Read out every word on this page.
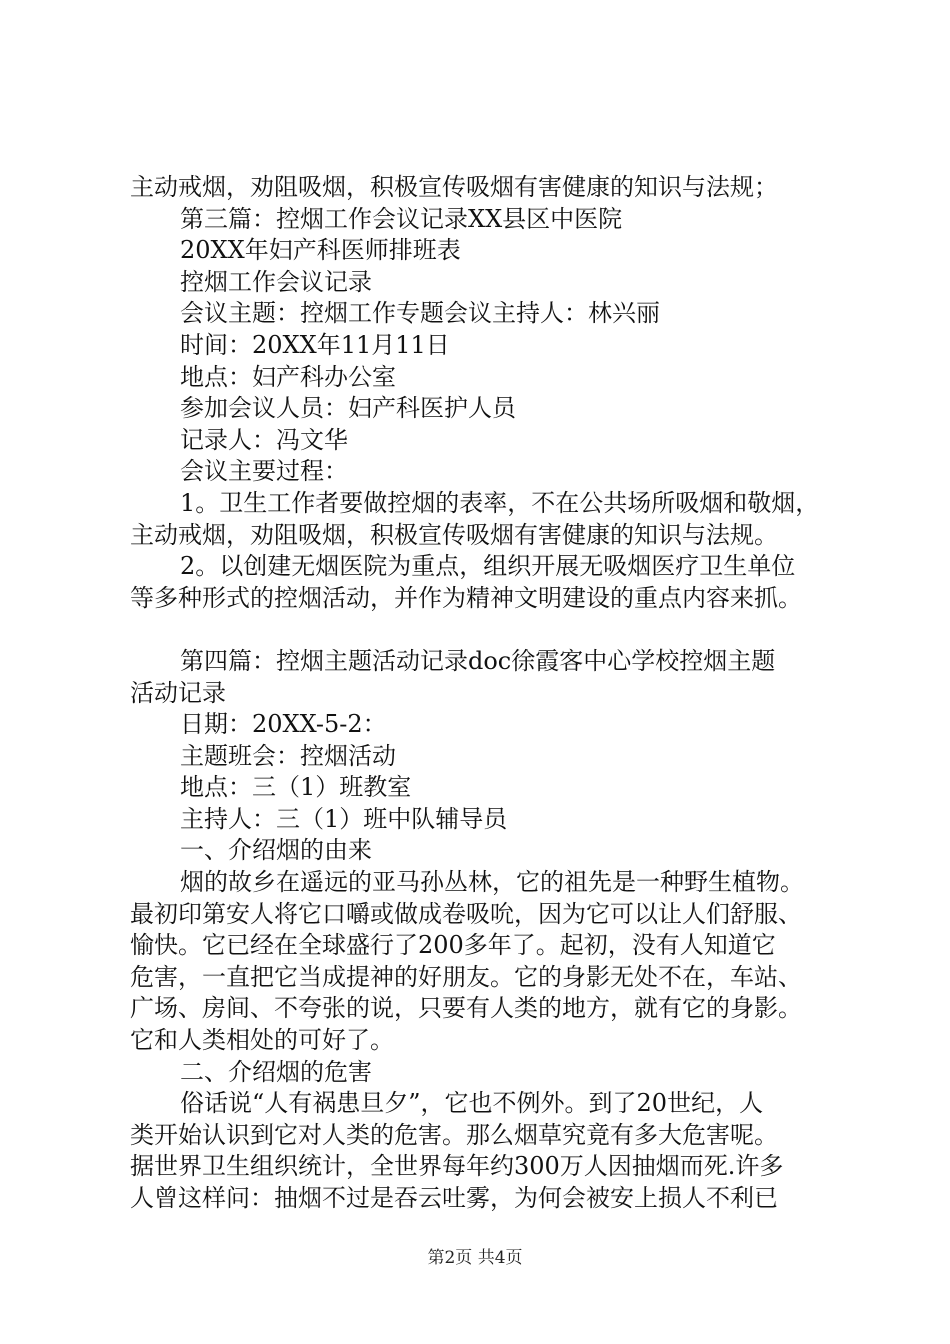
主动戒烟，劝阻吸烟，积极宣传吸烟有害健康的知识与法规；

第三篇：控烟工作会议记录XX县区中医院

20XX年妇产科医师排班表

控烟工作会议记录

会议主题：控烟工作专题会议主持人：林兴丽

时间：20XX年11月11日

地点：妇产科办公室

参加会议人员：妇产科医护人员

记录人：冯文华

会议主要过程：

1。卫生工作者要做控烟的表率，不在公共场所吸烟和敬烟，

主动戒烟，劝阻吸烟，积极宣传吸烟有害健康的知识与法规。

2。以创建无烟医院为重点，组织开展无吸烟医疗卫生单位

等多种形式的控烟活动，并作为精神文明建设的重点内容来抓。

第四篇：控烟主题活动记录doc徐霞客中心学校控烟主题

活动记录

日期：20XX-5-2：

主题班会：控烟活动

地点：三（1）班教室

主持人：三（1）班中队辅导员

一、介绍烟的由来

烟的故乡在遥远的亚马孙丛林，它的祖先是一种野生植物。

最初印第安人将它口嚼或做成卷吸吮，因为它可以让人们舒服、

愉快。它已经在全球盛行了200多年了。起初，没有人知道它

危害，一直把它当成提神的好朋友。它的身影无处不在，车站、

广场、房间、不夸张的说，只要有人类的地方，就有它的身影。

它和人类相处的可好了。

二、介绍烟的危害

俗话说“人有祸患旦夕”，它也不例外。到了20世纪，人

类开始认识到它对人类的危害。那么烟草究竟有多大危害呢。

据世界卫生组织统计，全世界每年约300万人因抽烟而死.许多

人曾这样问：抽烟不过是吞云吐雾，为何会被安上损人不利已

第2页 共4页
